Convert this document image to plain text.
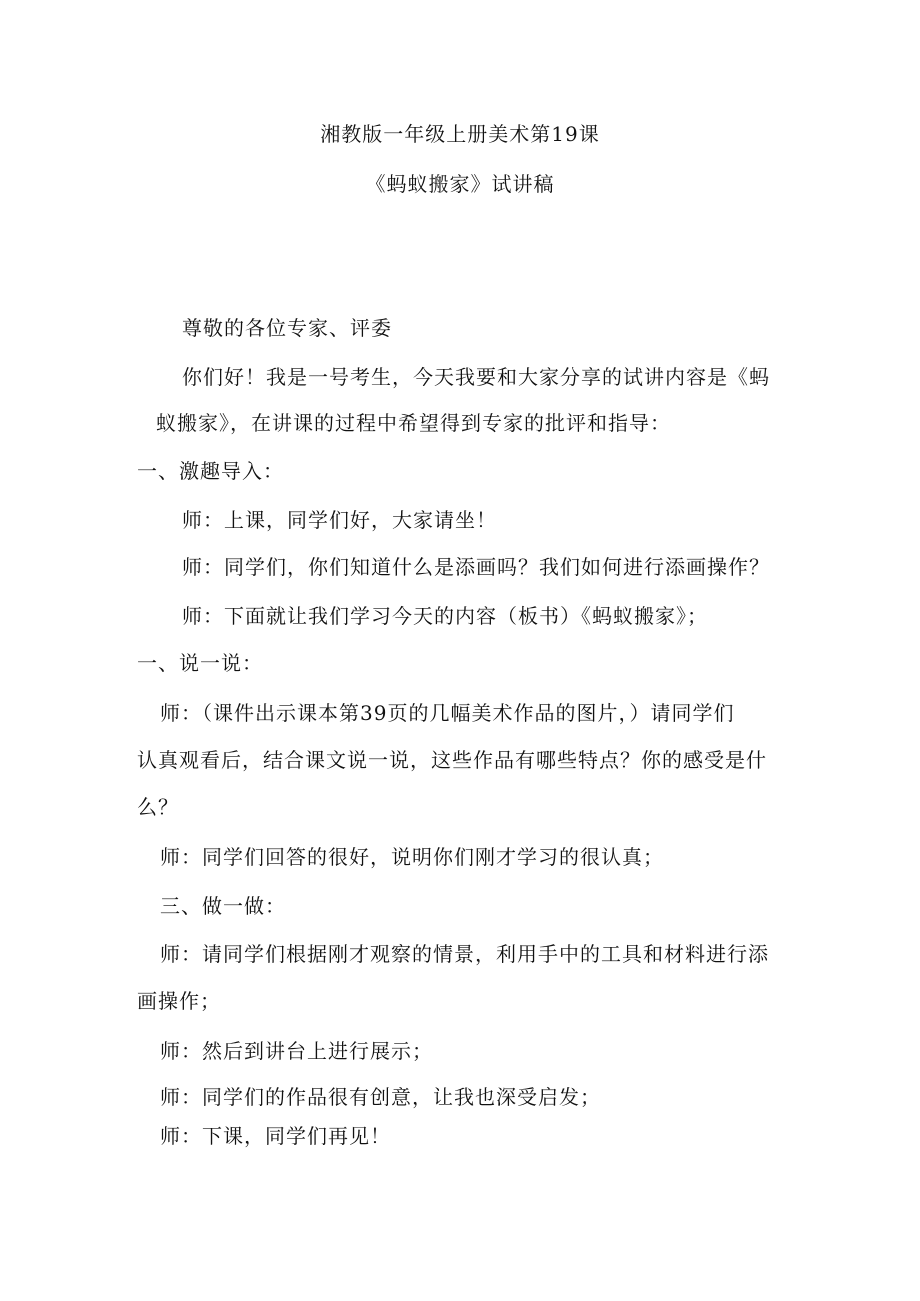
湘教版一年级上册美术第19课
《蚂蚁搬家》试讲稿
尊敬的各位专家、评委
你们好！我是一号考生，今天我要和大家分享的试讲内容是《蚂
蚁搬家》，在讲课的过程中希望得到专家的批评和指导：
一、激趣导入：
师：上课，同学们好，大家请坐！
师：同学们，你们知道什么是添画吗？我们如何进行添画操作？
师：下面就让我们学习今天的内容（板书）《蚂蚁搬家》；
一、说一说：
师：（课件出示课本第39页的几幅美术作品的图片，）请同学们
认真观看后，结合课文说一说，这些作品有哪些特点？你的感受是什
么？
师：同学们回答的很好，说明你们刚才学习的很认真；
三、做一做：
师：请同学们根据刚才观察的情景，利用手中的工具和材料进行添
画操作；
师：然后到讲台上进行展示；
师：同学们的作品很有创意，让我也深受启发；
师：下课，同学们再见！
